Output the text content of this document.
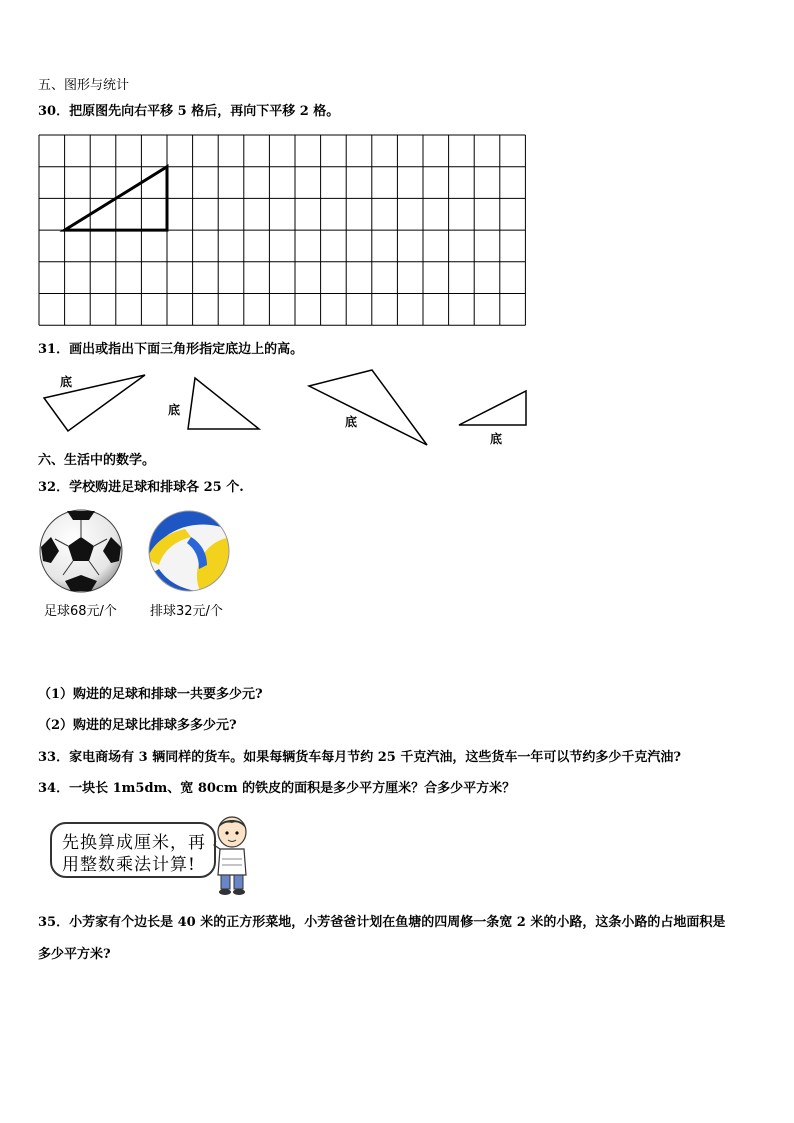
五、图形与统计
30．把原图先向右平移 5 格后，再向下平移 2 格。
31．画出或指出下面三角形指定底边上的高。
底
底
底
底
六、生活中的数学。
32．学校购进足球和排球各 25 个.
足球68元/个	排球32元/个
（1）购进的足球和排球一共要多少元?
（2）购进的足球比排球多多少元?
33．家电商场有 3 辆同样的货车。如果每辆货车每月节约 25 千克汽油，这些货车一年可以节约多少千克汽油?
34．一块长 1m5dm、宽 80cm 的铁皮的面积是多少平方厘米？合多少平方米？
先换算成厘米，再
用整数乘法计算!
35．小芳家有个边长是 40 米的正方形菜地，小芳爸爸计划在鱼塘的四周修一条宽 2 米的小路，这条小路的占地面积是
多少平方米?
